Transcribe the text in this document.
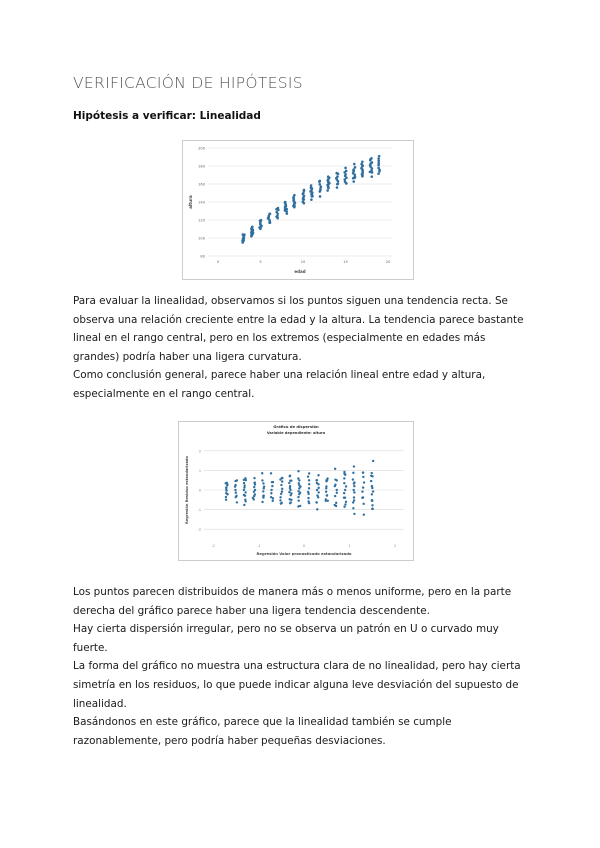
VERIFICACIÓN DE HIPÓTESIS
Hipótesis a verificar: Linealidad
200
180
160
140
120
100
80
0	5	10	15	20
edad
altura

Para evaluar la linealidad, observamos si los puntos siguen una tendencia recta. Se observa una relación creciente entre la edad y la altura. La tendencia parece bastante lineal en el rango central, pero en los extremos (especialmente en edades más grandes) podría haber una ligera curvatura.

Como conclusión general, parece haber una relación lineal entre edad y altura, especialmente en el rango central.

Gráfico de dispersión
Variable dependiente: altura
2
1
0
-1
-2
-2	-1	0	1	2
Regresión Valor pronosticado estandarizado
Regresión Residuo estandarizado

Los puntos parecen distribuidos de manera más o menos uniforme, pero en la parte derecha del gráfico parece haber una ligera tendencia descendente.

Hay cierta dispersión irregular, pero no se observa un patrón en U o curvado muy fuerte.

La forma del gráfico no muestra una estructura clara de no linealidad, pero hay cierta simetría en los residuos, lo que puede indicar alguna leve desviación del supuesto de linealidad.

Basándonos en este gráfico, parece que la linealidad también se cumple razonablemente, pero podría haber pequeñas desviaciones.
